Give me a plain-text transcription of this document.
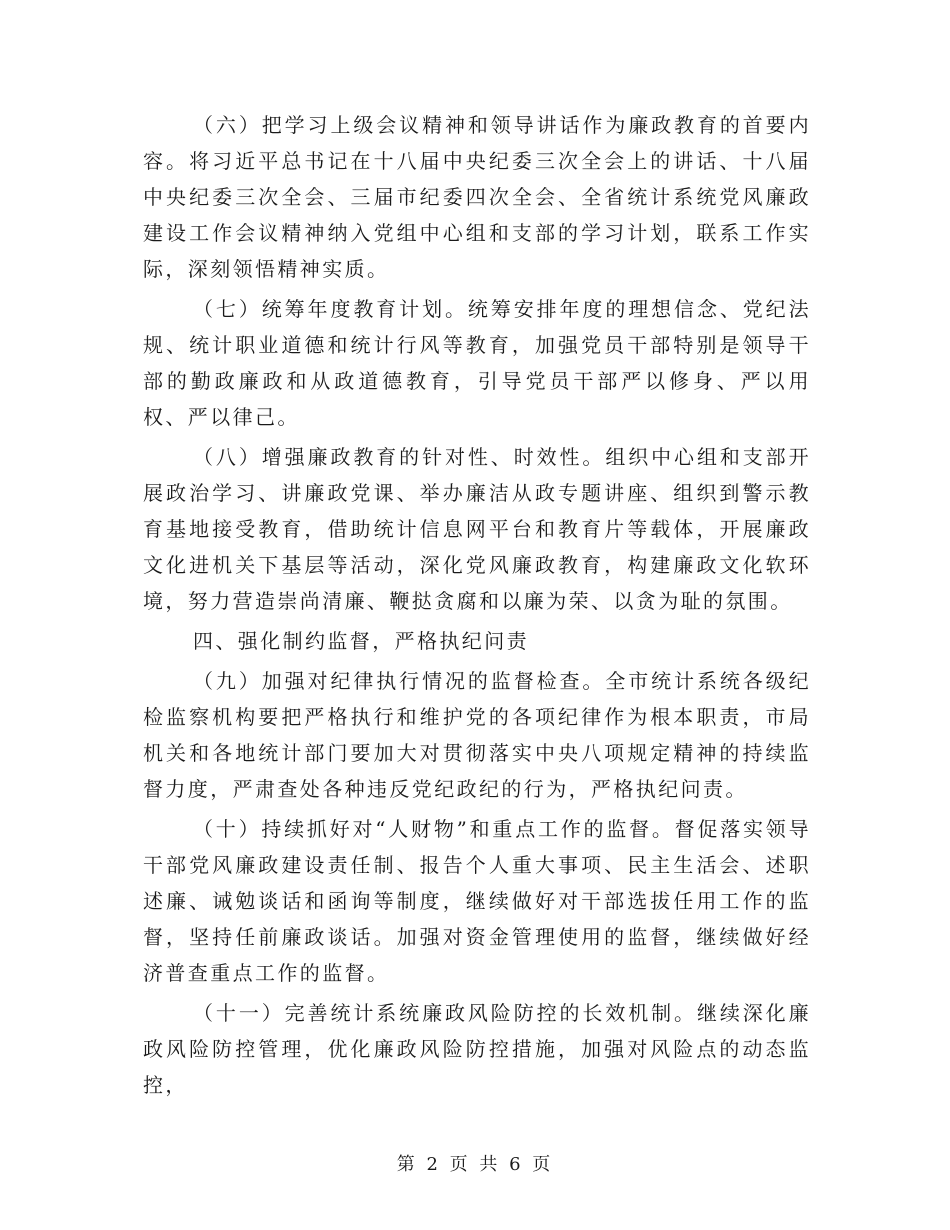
（六）把学习上级会议精神和领导讲话作为廉政教育的首要内容。将习近平总书记在十八届中央纪委三次全会上的讲话、十八届中央纪委三次全会、三届市纪委四次全会、全省统计系统党风廉政建设工作会议精神纳入党组中心组和支部的学习计划，联系工作实际，深刻领悟精神实质。

（七）统筹年度教育计划。统筹安排年度的理想信念、党纪法规、统计职业道德和统计行风等教育，加强党员干部特别是领导干部的勤政廉政和从政道德教育，引导党员干部严以修身、严以用权、严以律己。

（八）增强廉政教育的针对性、时效性。组织中心组和支部开展政治学习、讲廉政党课、举办廉洁从政专题讲座、组织到警示教育基地接受教育，借助统计信息网平台和教育片等载体，开展廉政文化进机关下基层等活动，深化党风廉政教育，构建廉政文化软环境，努力营造崇尚清廉、鞭挞贪腐和以廉为荣、以贪为耻的氛围。

四、强化制约监督，严格执纪问责

（九）加强对纪律执行情况的监督检查。全市统计系统各级纪检监察机构要把严格执行和维护党的各项纪律作为根本职责，市局机关和各地统计部门要加大对贯彻落实中央八项规定精神的持续监督力度，严肃查处各种违反党纪政纪的行为，严格执纪问责。

（十）持续抓好对“人财物”和重点工作的监督。督促落实领导干部党风廉政建设责任制、报告个人重大事项、民主生活会、述职述廉、诫勉谈话和函询等制度，继续做好对干部选拔任用工作的监督，坚持任前廉政谈话。加强对资金管理使用的监督，继续做好经济普查重点工作的监督。

（十一）完善统计系统廉政风险防控的长效机制。继续深化廉政风险防控管理，优化廉政风险防控措施，加强对风险点的动态监控，

第 2 页 共 6 页
